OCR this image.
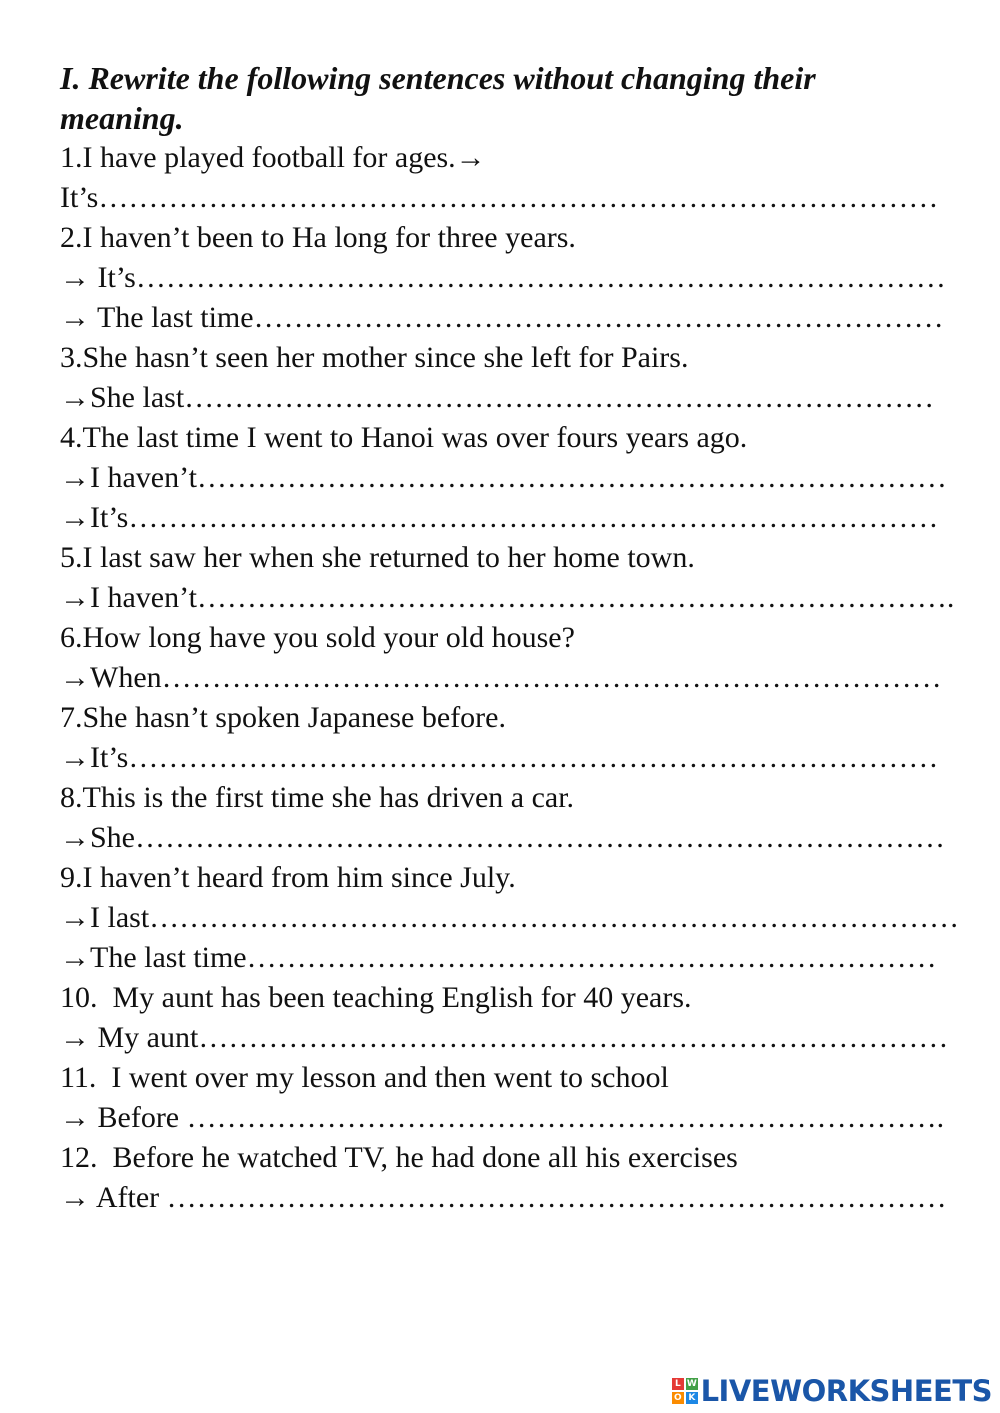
I. Rewrite the following sentences without changing their meaning.

1.I have played football for ages.→

It’s…………………………………………………………………………

2.I haven’t been to Ha long for three years.

→ It’s………………………………………………………………………

→ The last time……………………………………………………………

3.She hasn’t seen her mother since she left for Pairs.

→She last…………………………………………………………………

4.The last time I went to Hanoi was over fours years ago.

→I haven’t…………………………………………………………………

→It’s………………………………………………………………………

5.I last saw her when she returned to her home town.

→I haven’t………………………………………………………………….

6.How long have you sold your old house?

→When……………………………………………………………………

7.She hasn’t spoken Japanese before.

→It’s………………………………………………………………………

8.This is the first time she has driven a car.

→She………………………………………………………………………

9.I haven’t heard from him since July.

→I last………………………………………………………………………

→The last time……………………………………………………………

10.  My aunt has been teaching English for 40 years.

→ My aunt…………………………………………………………………

11.  I went over my lesson and then went to school

→ Before ………………………………………………………………….

12.  Before he watched TV, he had done all his exercises

→ After ……………………………………………………………………

L W
O K LIVEWORKSHEETS
